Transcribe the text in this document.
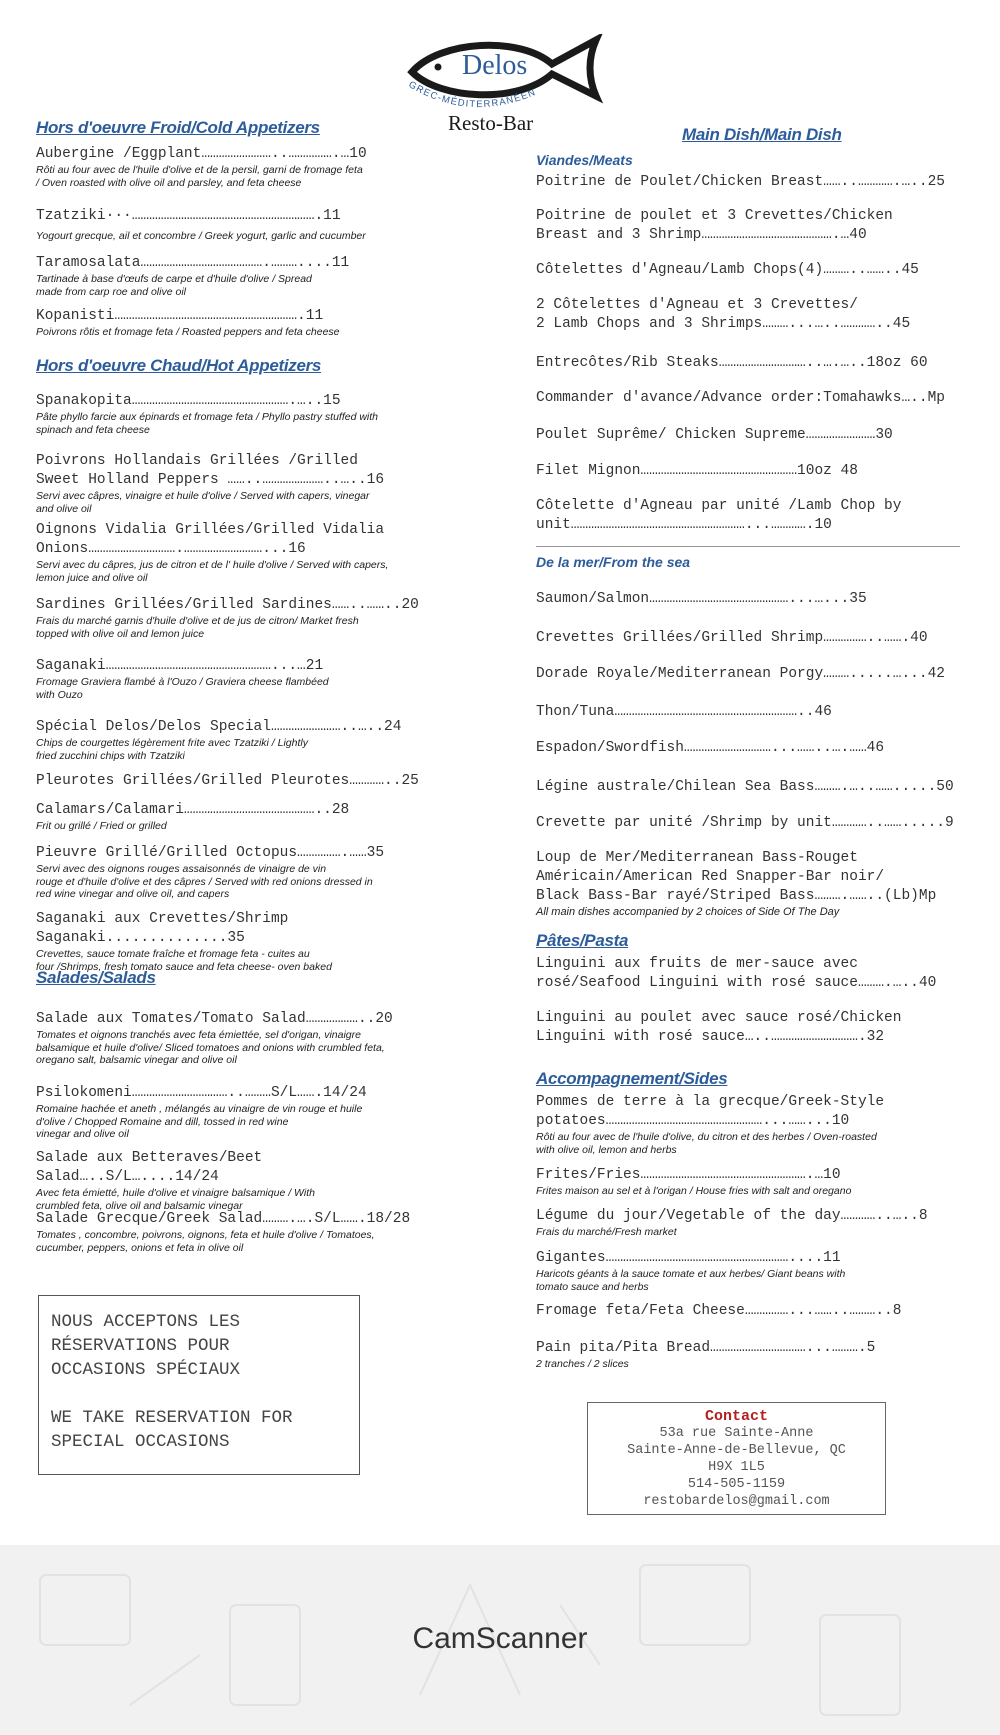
Delos
GREC-MÉDITERRANÉEN
Resto-Bar
Hors d'oeuvre Froid/Cold Appetizers
Aubergine /Eggplant……………………..…………….…10
Rôti au four avec de l'huile d'olive et de la persil, garni de fromage feta
/ Oven roasted with olive oil and parsley, and feta cheese
Tzatziki···……………………………………………………….11
Yogourt grecque, ail et concombre / Greek yogurt, garlic and cucumber
Taramosalata…………………………………….………....11
Tartinade à base d'œufs de carpe et d'huile d'olive / Spread
made from carp roe and olive oil
Kopanisti……………………………………………………….11
Poivrons rôtis et fromage feta / Roasted peppers and feta cheese
Hors d'oeuvre Chaud/Hot Appetizers
Spanakopita……………………………………………….…..15
Pâte phyllo farcie aux épinards et fromage feta / Phyllo pastry stuffed with
spinach and feta cheese
Poivrons Hollandais Grillées /Grilled
Sweet Holland Peppers ……..…………………..…..16
Servi avec câpres, vinaigre et huile d'olive / Served with capers, vinegar
and olive oil
Oignons Vidalia Grillées/Grilled Vidalia
Onions………………………….………………………...16
Servi avec du câpres, jus de citron et de l' huile d'olive / Served with capers,
lemon juice and olive oil
Sardines Grillées/Grilled Sardines……..……..20
Frais du marché garnis d'huile d'olive et de jus de citron/ Market fresh
topped with olive oil and lemon juice
Saganaki…………………………………………………...…21
Fromage Graviera flambé à l'Ouzo / Graviera cheese flambéed
with Ouzo
Spécial Delos/Delos Special……………………..…..24
Chips de courgettes légèrement frite avec Tzatziki / Lightly
fried zucchini chips with Tzatziki
Pleurotes Grillées/Grilled Pleurotes…………..25
Calamars/Calamari………………………………………..28
Frit ou grillé / Fried or grilled
Pieuvre Grillé/Grilled Octopus…………….……35
Servi avec des oignons rouges assaisonnés de vinaigre de vin
rouge et d'huile d'olive et des câpres / Served with red onions dressed in
red wine vinegar and olive oil, and capers
Saganaki aux Crevettes/Shrimp Saganaki..............35
Crevettes, sauce tomate fraîche et fromage feta - cuites au
four /Shrimps, fresh tomato sauce and feta cheese- oven baked
Salades/Salads
Salade aux Tomates/Tomato Salad………………..20
Tomates et oignons tranchés avec feta émiettée, sel d'origan, vinaigre
balsamique et huile d'olive/ Sliced tomatoes and onions with crumbled feta,
oregano salt, balsamic vinegar and olive oil
Psilokomeni……………………………..………S/L…….14/24
Romaine hachée et aneth , mélangés au vinaigre de vin rouge et huile
d'olive / Chopped Romaine and dill, tossed in red wine
vinegar and olive oil
Salade aux Betteraves/Beet Salad…..S/L…....14/24
Avec feta émietté, huile d'olive et vinaigre balsamique / With
crumbled feta, olive oil and balsamic vinegar
Salade Grecque/Greek Salad……….….S/L…….18/28
Tomates , concombre, poivrons, oignons, feta et huile d'olive / Tomatoes,
cucumber, peppers, onions et feta in olive oil
NOUS ACCEPTONS LES
RÉSERVATIONS POUR
OCCASIONS SPÉCIAUX

WE TAKE RESERVATION FOR
SPECIAL OCCASIONS
Main Dish/Main Dish
Viandes/Meats
Poitrine de Poulet/Chicken Breast……..………….…..25
Poitrine de poulet et 3 Crevettes/Chicken
Breast and 3 Shrimp……………………………………….…40
Côtelettes d'Agneau/Lamb Chops(4)………..……..45
2 Côtelettes d'Agneau et 3 Crevettes/
2 Lamb Chops and 3 Shrimps………...…..…………..45
Entrecôtes/Rib Steaks…………………………..….…..18oz 60
Commander d'avance/Advance order:Tomahawks…..Mp
Poulet Suprême/ Chicken Supreme……………………30
Filet Mignon………………………………………………10oz 48
Côtelette d'Agneau par unité /Lamb Chop by
unit……………………………………………………...………….10
De la mer/From the sea
Saumon/Salmon…………………………………………...…...35
Crevettes Grillées/Grilled Shrimp……………..…….40
Dorade Royale/Mediterranean Porgy……….....…...42
Thon/Tuna………………………………………………………..46
Espadon/Swordfish…………………………...……..….……46
Légine australe/Chilean Sea Bass……….…..…….....50
Crevette par unité /Shrimp by unit…………..…….....9
Loup de Mer/Mediterranean Bass-Rouget
Américain/American Red Snapper-Bar noir/
Black Bass-Bar rayé/Striped Bass……….……..(Lb)Mp
All main dishes accompanied by 2 choices of Side Of The Day
Pâtes/Pasta
Linguini aux fruits de mer-sauce avec
rosé/Seafood Linguini with rosé sauce……….…..40
Linguini au poulet avec sauce rosé/Chicken
Linguini with rosé sauce…..………………………….32
Accompagnement/Sides
Pommes de terre à la grecque/Greek-Style
potatoes………………………………………………...……...10
Rôti au four avec de l'huile d'olive, du citron et des herbes / Oven-roasted
with olive oil, lemon and herbs
Frites/Fries………………………………………………….…10
Frites maison au sel et à l'origan / House fries with salt and oregano
Légume du jour/Vegetable of the day…………..…..8
Frais du marché/Fresh market
Gigantes………………………………………………………....11
Haricots géants à la sauce tomate et aux herbes/ Giant beans with
tomato sauce and herbs
Fromage feta/Feta Cheese……………...……..………..8
Pain pita/Pita Bread……………………………...……….5
2 tranches / 2 slices
Contact
53a rue Sainte-Anne
Sainte-Anne-de-Bellevue, QC
H9X 1L5
514-505-1159
restobardelos@gmail.com
CamScanner
